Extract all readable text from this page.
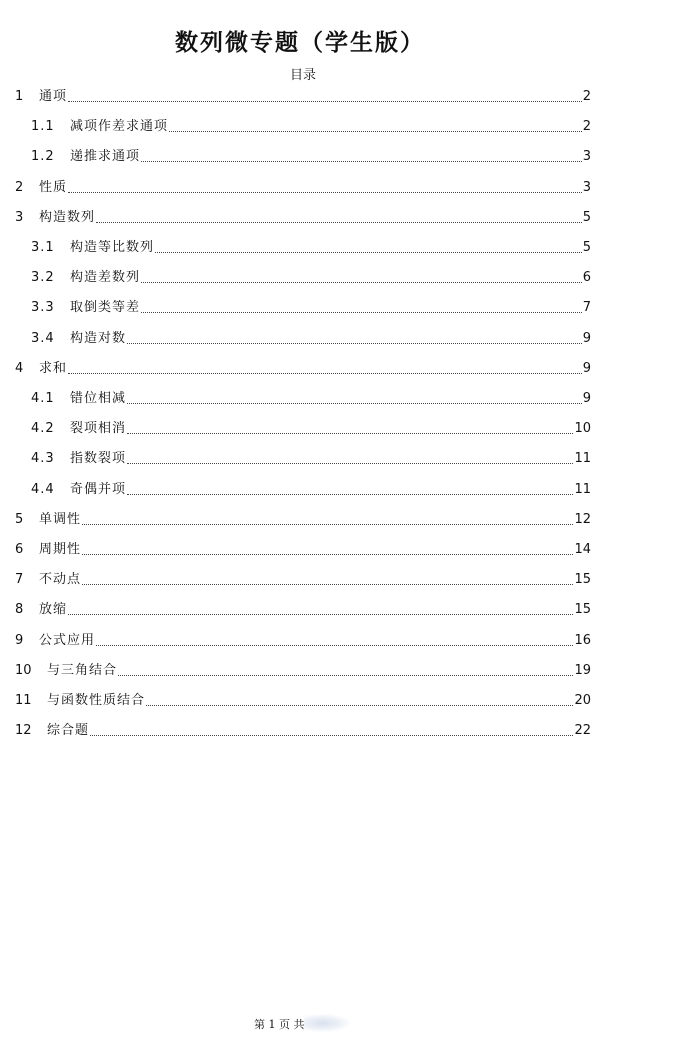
数列微专题（学生版）
目录
1	通项	2
1.1	减项作差求通项	2
1.2	递推求通项	3
2	性质	3
3	构造数列	5
3.1	构造等比数列	5
3.2	构造差数列	6
3.3	取倒类等差	7
3.4	构造对数	9
4	求和	9
4.1	错位相减	9
4.2	裂项相消	10
4.3	指数裂项	11
4.4	奇偶并项	11
5	单调性	12
6	周期性	14
7	不动点	15
8	放缩	15
9	公式应用	16
10	与三角结合	19
11	与函数性质结合	20
12	综合题	22
第 1 页 共
